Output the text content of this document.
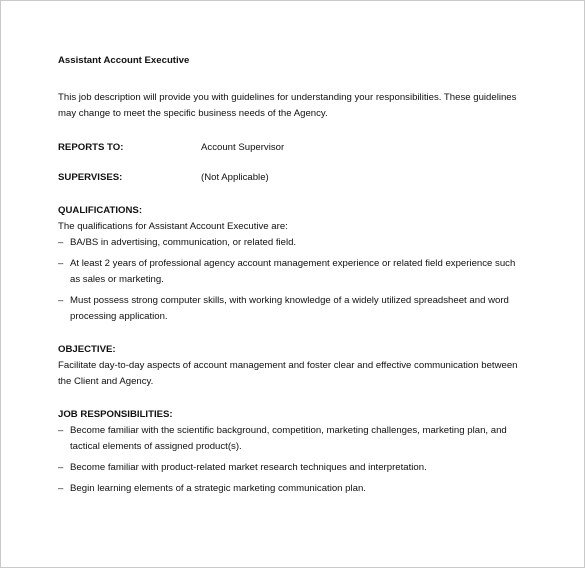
Assistant Account Executive
This job description will provide you with guidelines for understanding your responsibilities. These guidelines may change to meet the specific business needs of the Agency.
REPORTS TO:	Account Supervisor
SUPERVISES:	(Not Applicable)
QUALIFICATIONS:
The qualifications for Assistant Account Executive are:
– BA/BS in advertising, communication, or related field.
– At least 2 years of professional agency account management experience or related field experience such as sales or marketing.
– Must possess strong computer skills, with working knowledge of a widely utilized spreadsheet and word processing application.
OBJECTIVE:
Facilitate day-to-day aspects of account management and foster clear and effective communication between the Client and Agency.
JOB RESPONSIBILITIES:
– Become familiar with the scientific background, competition, marketing challenges, marketing plan, and tactical elements of assigned product(s).
– Become familiar with product-related market research techniques and interpretation.
– Begin learning elements of a strategic marketing communication plan.
